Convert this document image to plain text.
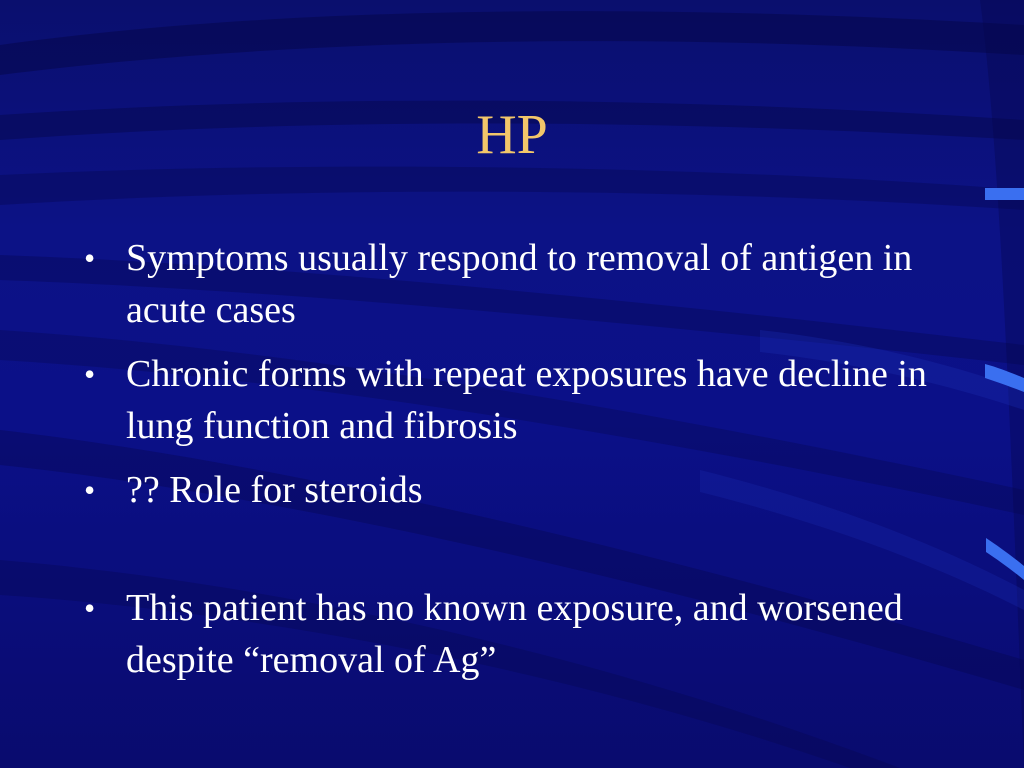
HP
• Symptoms usually respond to removal of antigen in acute cases
• Chronic forms with repeat exposures have decline in lung function and fibrosis
• ?? Role for steroids
• This patient has no known exposure, and worsened despite “removal of Ag”
